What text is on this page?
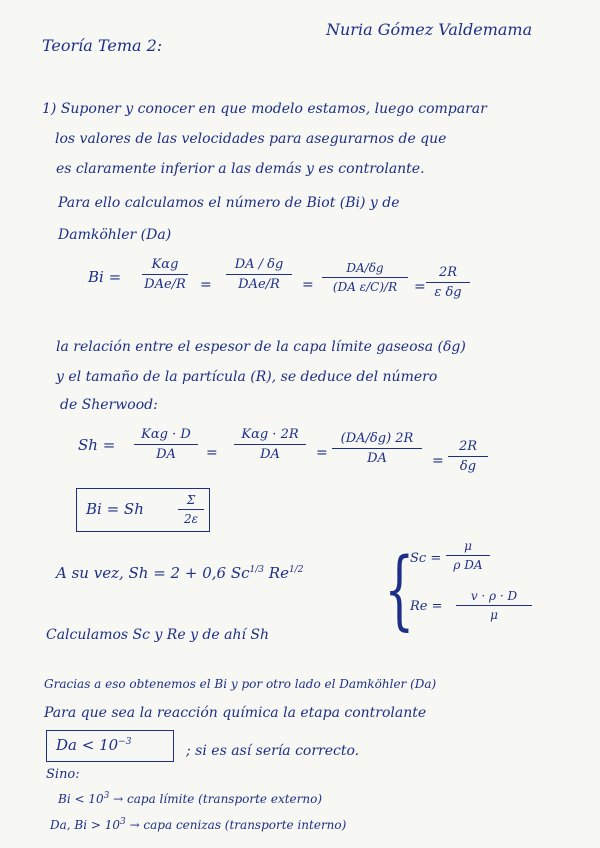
Teoría Tema 2:
Nuria Gómez Valdemama
1) Suponer y conocer en que modelo estamos, luego comparar
los valores de las velocidades para asegurarnos de que
es claramente inferior a las demás y es controlante.
Para ello calculamos el número de Biot (Bi) y de
Damköhler (Da)
Bi =
Kαg
DAe/R =
DA / δg
DAe/R	=
DA/δg
(DA ε/C)/R	=
2R
ε δg
la relación entre el espesor de la capa límite gaseosa (δg)
y el tamaño de la partícula (R), se deduce del número
de Sherwood:
Sh =
Kαg · D
DA	=
Kαg · 2R
DA	=
(DA/δg) 2R
DA	=
2R
δg
Bi = Sh	Σ
2ε
A su vez, Sh = 2 + 0,6 $Sc^{1/3}$ $Re^{1/2}$ {
Sc =
μ
ρ DA
Re =
v · ρ · D
μ
Calculamos Sc y Re y de ahí Sh
Gracias a eso obtenemos el Bi y por otro lado el Damköhler (Da)
Para que sea la reacción química la etapa controlante
$Da < 10^{-3}$
; si es así sería correcto.
Sino:
$Bi < 10^3$ → capa límite (transporte externo)
Da, $Bi > 10^3$ → capa cenizas (transporte interno)
